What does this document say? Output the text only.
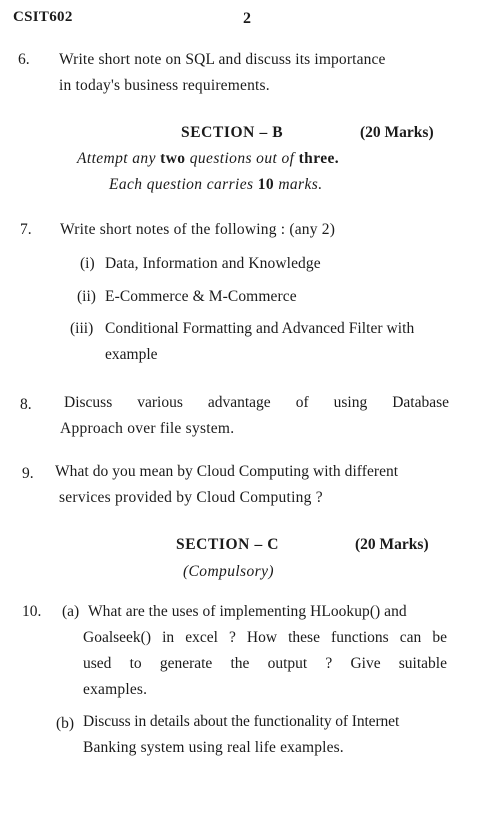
CSIT602	2
6. Write short note on SQL and discuss its importance
in today's business requirements.
SECTION – B	(20 Marks)
Attempt any two questions out of three.
Each question carries 10 marks.
7. Write short notes of the following : (any 2)
(i) Data, Information and Knowledge
(ii) E-Commerce & M-Commerce
(iii) Conditional Formatting and Advanced Filter with
example
8. Discuss various advantage of using Database
Approach over file system.
9. What do you mean by Cloud Computing with different
services provided by Cloud Computing ?
SECTION – C	(20 Marks)
(Compulsory)
10. (a) What are the uses of implementing HLookup() and
Goalseek() in excel ? How these functions can be
used to generate the output ? Give suitable
examples.
(b) Discuss in details about the functionality of Internet
Banking system using real life examples.
